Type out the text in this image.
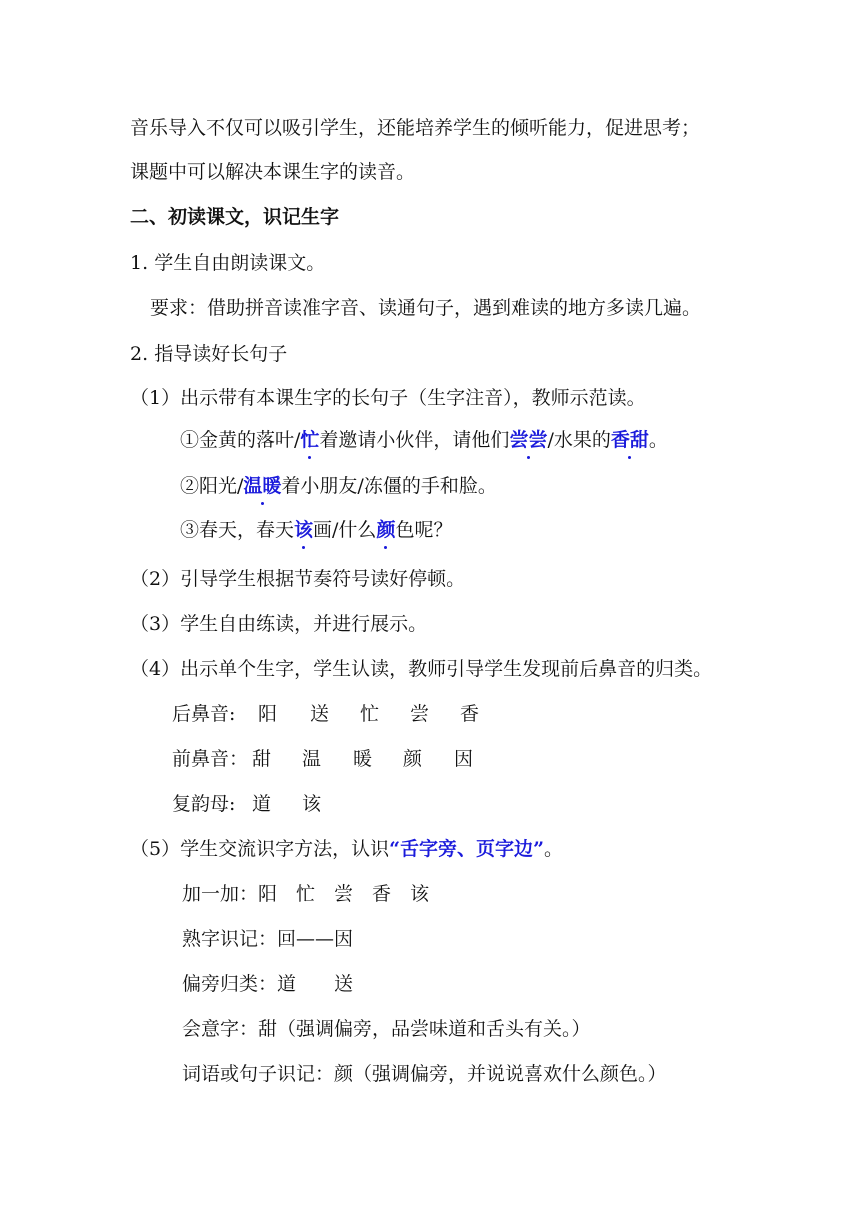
音乐导入不仅可以吸引学生，还能培养学生的倾听能力，促进思考；
课题中可以解决本课生字的读音。
二、初读课文，识记生字
1. 学生自由朗读课文。
要求：借助拼音读准字音、读通句子，遇到难读的地方多读几遍。
2. 指导读好长句子
（1）出示带有本课生字的长句子（生字注音），教师示范读。
①金黄的落叶/忙着邀请小伙伴，请他们尝尝/水果的香甜。
②阳光/温暖着小朋友/冻僵的手和脸。
③春天，春天该画/什么颜色呢？
（2）引导学生根据节奏符号读好停顿。
（3）学生自由练读，并进行展示。
（4）出示单个生字，学生认读，教师引导学生发现前后鼻音的归类。
后鼻音: 阳 送 忙 尝 香
前鼻音： 甜 温 暖 颜 因
复韵母: 道 该
（5）学生交流识字方法，认识“舌字旁、页字边”。
加一加：阳　忙　尝　香　该
熟字识记：回——因
偏旁归类：道　　送
会意字：甜（强调偏旁，品尝味道和舌头有关。）
词语或句子识记：颜（强调偏旁，并说说喜欢什么颜色。）
